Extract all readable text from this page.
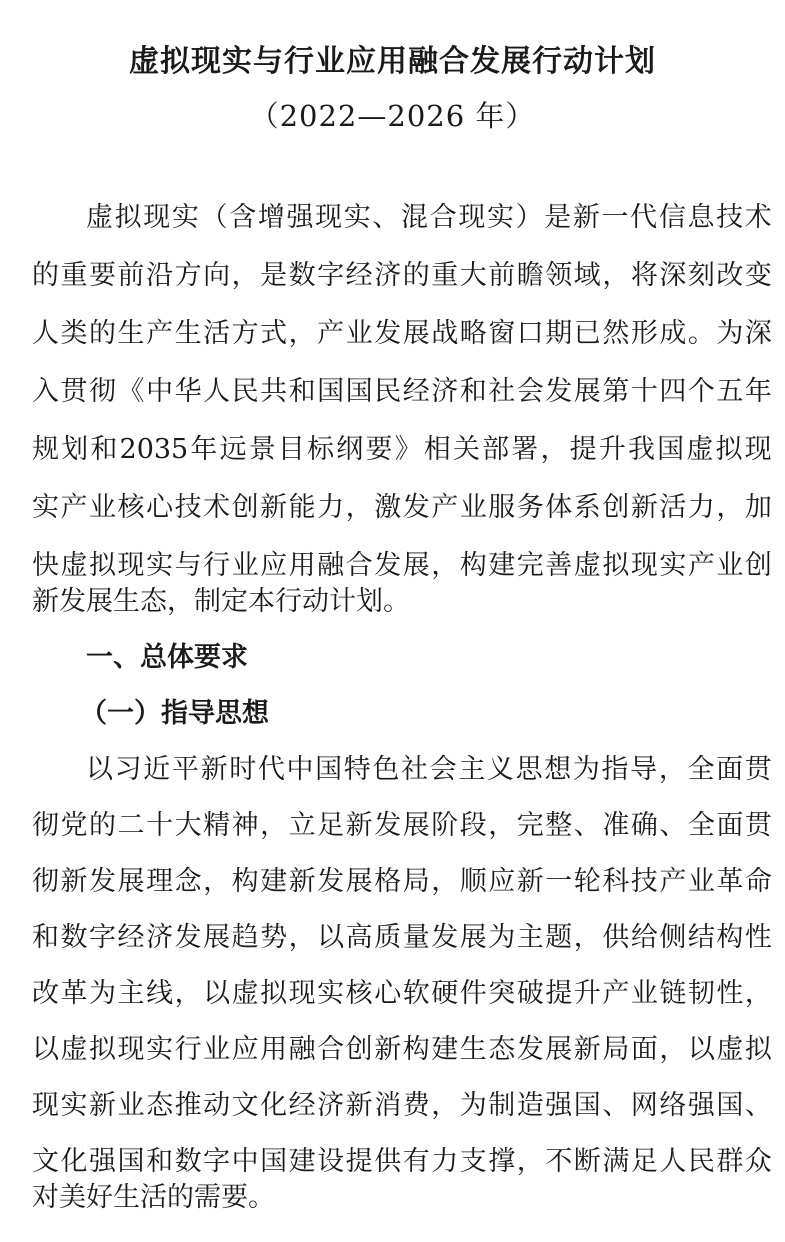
虚拟现实与行业应用融合发展行动计划
（2022—2026 年）
虚 拟 现 实 （ 含 增 强 现 实 、 混 合 现 实 ） 是 新 一 代 信 息 技 术
的 重 要 前 沿 方 向 ， 是 数 字 经 济 的 重 大 前 瞻 领 域 ， 将 深 刻 改 变
人 类 的 生 产 生 活 方 式 ， 产 业 发 展 战 略 窗 口 期 已 然 形 成 。 为 深
入 贯 彻 《 中 华 人 民 共 和 国 国 民 经 济 和 社 会 发 展 第 十 四 个 五 年
规 划 和 2035 年 远 景 目 标 纲 要 》 相 关 部 署 ， 提 升 我 国 虚 拟 现
实 产 业 核 心 技 术 创 新 能 力 ， 激 发 产 业 服 务 体 系 创 新 活 力 ， 加
快 虚 拟 现 实 与 行 业 应 用 融 合 发 展 ， 构 建 完 善 虚 拟 现 实 产 业 创
新发展生态，制定本行动计划。
一、总体要求
（一）指导思想
以 习 近 平 新 时 代 中 国 特 色 社 会 主 义 思 想 为 指 导 ， 全 面 贯
彻 党 的 二 十 大 精 神 ， 立 足 新 发 展 阶 段 ， 完 整 、 准 确 、 全 面 贯
彻 新 发 展 理 念 ， 构 建 新 发 展 格 局 ， 顺 应 新 一 轮 科 技 产 业 革 命
和 数 字 经 济 发 展 趋 势 ， 以 高 质 量 发 展 为 主 题 ， 供 给 侧 结 构 性
改 革 为 主 线 ， 以 虚 拟 现 实 核 心 软 硬 件 突 破 提 升 产 业 链 韧 性 ，
以 虚 拟 现 实 行 业 应 用 融 合 创 新 构 建 生 态 发 展 新 局 面 ， 以 虚 拟
现 实 新 业 态 推 动 文 化 经 济 新 消 费 ， 为 制 造 强 国 、 网 络 强 国 、
文 化 强 国 和 数 字 中 国 建 设 提 供 有 力 支 撑 ， 不 断 满 足 人 民 群 众
对美好生活的需要。
